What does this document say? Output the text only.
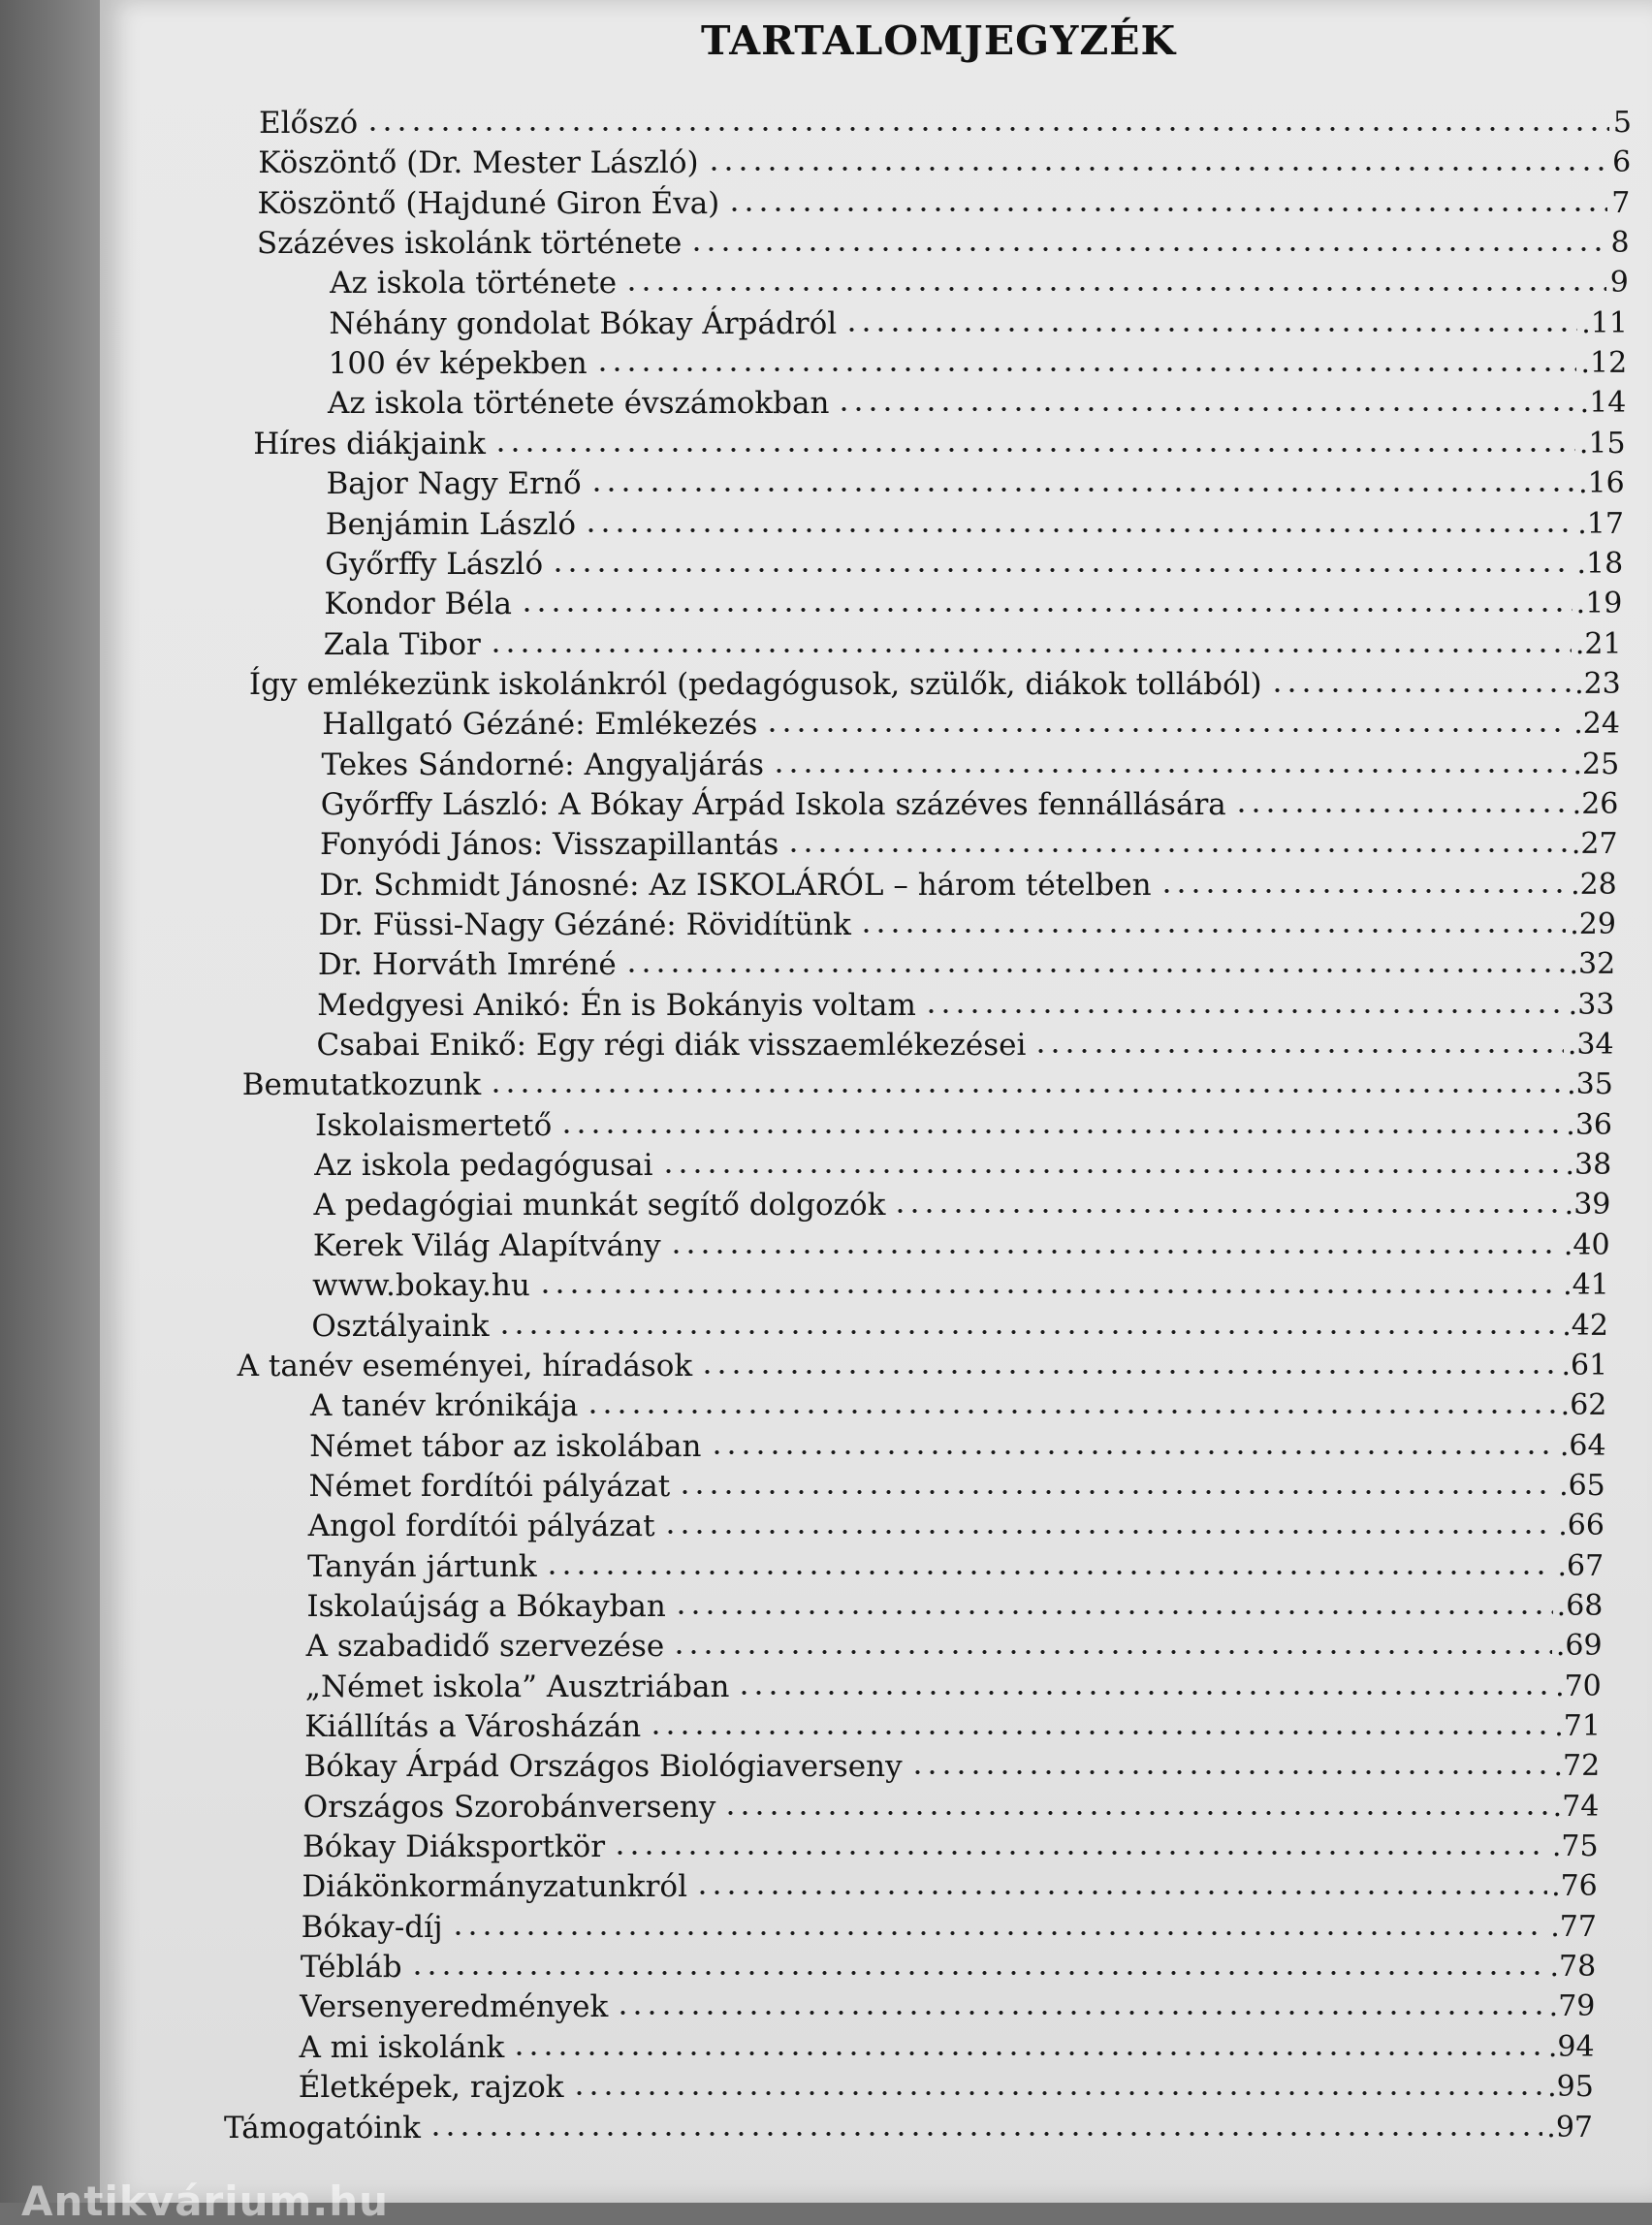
TARTALOMJEGYZÉK
Előszó	5
Köszöntő (Dr. Mester László)	6
Köszöntő (Hajduné Giron Éva)	7
Százéves iskolánk története	8
Az iskola története	9
Néhány gondolat Bókay Árpádról	.11
100 év képekben	.12
Az iskola története évszámokban	.14
Híres diákjaink	.15
Bajor Nagy Ernő	.16
Benjámin László	.17
Győrffy László	.18
Kondor Béla	.19
Zala Tibor	.21
Így emlékezünk iskolánkról (pedagógusok, szülők, diákok tollából)	.23
Hallgató Gézáné: Emlékezés	.24
Tekes Sándorné: Angyaljárás	.25
Győrffy László: A Bókay Árpád Iskola százéves fennállására	.26
Fonyódi János: Visszapillantás	.27
Dr. Schmidt Jánosné: Az ISKOLÁRÓL – három tételben	.28
Dr. Füssi-Nagy Gézáné: Rövidítünk	.29
Dr. Horváth Imréné	.32
Medgyesi Anikó: Én is Bokányis voltam	.33
Csabai Enikő: Egy régi diák visszaemlékezései	.34
Bemutatkozunk	.35
Iskolaismertető	.36
Az iskola pedagógusai	.38
A pedagógiai munkát segítő dolgozók	.39
Kerek Világ Alapítvány	.40
www.bokay.hu	.41
Osztályaink	.42
A tanév eseményei, híradások	.61
A tanév krónikája	.62
Német tábor az iskolában	.64
Német fordítói pályázat	.65
Angol fordítói pályázat	.66
Tanyán jártunk	.67
Iskolaújság a Bókayban	.68
A szabadidő szervezése	.69
„Német iskola” Ausztriában	.70
Kiállítás a Városházán	.71
Bókay Árpád Országos Biológiaverseny	.72
Országos Szorobánverseny	.74
Bókay Diáksportkör	.75
Diákönkormányzatunkról	.76
Bókay-díj	.77
Tébláb	.78
Versenyeredmények	.79
A mi iskolánk	.94
Életképek, rajzok	.95
Támogatóink	.97
Antikvárium.hu
